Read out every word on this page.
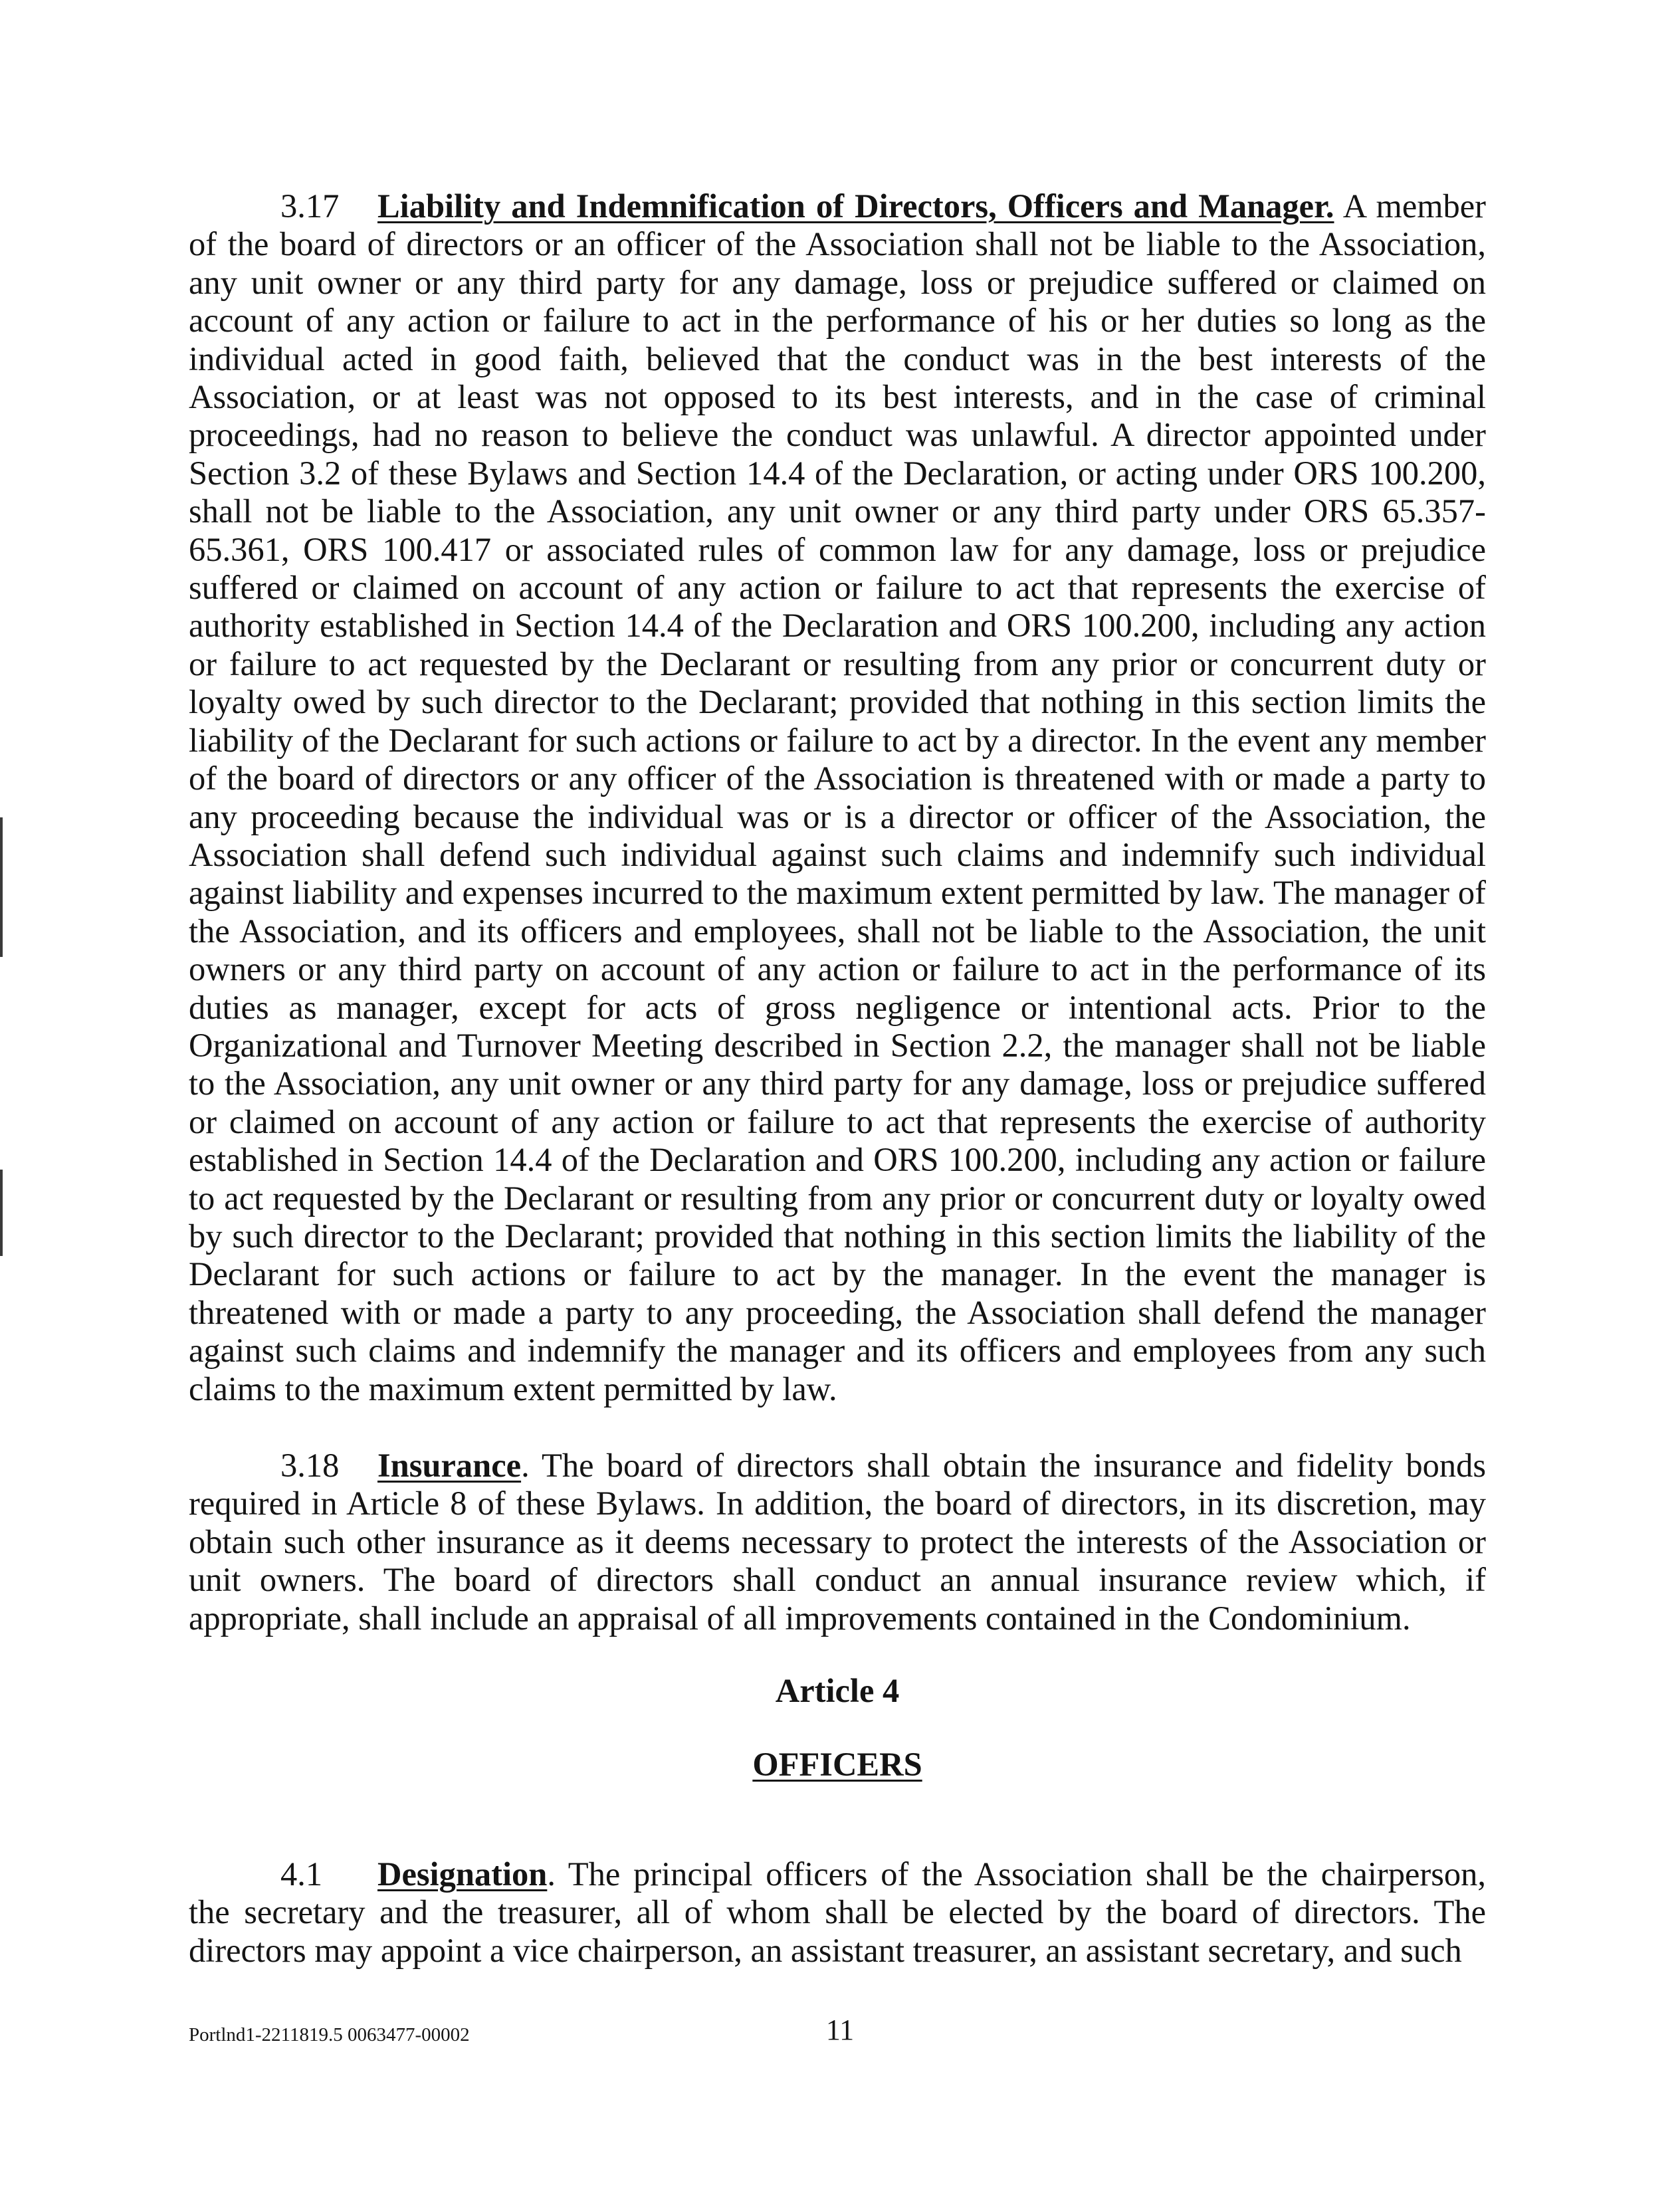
3.17 Liability and Indemnification of Directors, Officers and Manager. A member of the board of directors or an officer of the Association shall not be liable to the Association, any unit owner or any third party for any damage, loss or prejudice suffered or claimed on account of any action or failure to act in the performance of his or her duties so long as the individual acted in good faith, believed that the conduct was in the best interests of the Association, or at least was not opposed to its best interests, and in the case of criminal proceedings, had no reason to believe the conduct was unlawful. A director appointed under Section 3.2 of these Bylaws and Section 14.4 of the Declaration, or acting under ORS 100.200, shall not be liable to the Association, any unit owner or any third party under ORS 65.357-65.361, ORS 100.417 or associated rules of common law for any damage, loss or prejudice suffered or claimed on account of any action or failure to act that represents the exercise of authority established in Section 14.4 of the Declaration and ORS 100.200, including any action or failure to act requested by the Declarant or resulting from any prior or concurrent duty or loyalty owed by such director to the Declarant; provided that nothing in this section limits the liability of the Declarant for such actions or failure to act by a director. In the event any member of the board of directors or any officer of the Association is threatened with or made a party to any proceeding because the individual was or is a director or officer of the Association, the Association shall defend such individual against such claims and indemnify such individual against liability and expenses incurred to the maximum extent permitted by law. The manager of the Association, and its officers and employees, shall not be liable to the Association, the unit owners or any third party on account of any action or failure to act in the performance of its duties as manager, except for acts of gross negligence or intentional acts. Prior to the Organizational and Turnover Meeting described in Section 2.2, the manager shall not be liable to the Association, any unit owner or any third party for any damage, loss or prejudice suffered or claimed on account of any action or failure to act that represents the exercise of authority established in Section 14.4 of the Declaration and ORS 100.200, including any action or failure to act requested by the Declarant or resulting from any prior or concurrent duty or loyalty owed by such director to the Declarant; provided that nothing in this section limits the liability of the Declarant for such actions or failure to act by the manager. In the event the manager is threatened with or made a party to any proceeding, the Association shall defend the manager against such claims and indemnify the manager and its officers and employees from any such claims to the maximum extent permitted by law.

3.18 Insurance. The board of directors shall obtain the insurance and fidelity bonds required in Article 8 of these Bylaws. In addition, the board of directors, in its discretion, may obtain such other insurance as it deems necessary to protect the interests of the Association or unit owners. The board of directors shall conduct an annual insurance review which, if appropriate, shall include an appraisal of all improvements contained in the Condominium.

Article 4

OFFICERS

4.1 Designation. The principal officers of the Association shall be the chairperson, the secretary and the treasurer, all of whom shall be elected by the board of directors. The directors may appoint a vice chairperson, an assistant treasurer, an assistant secretary, and such

Portlnd1-2211819.5 0063477-00002	11
